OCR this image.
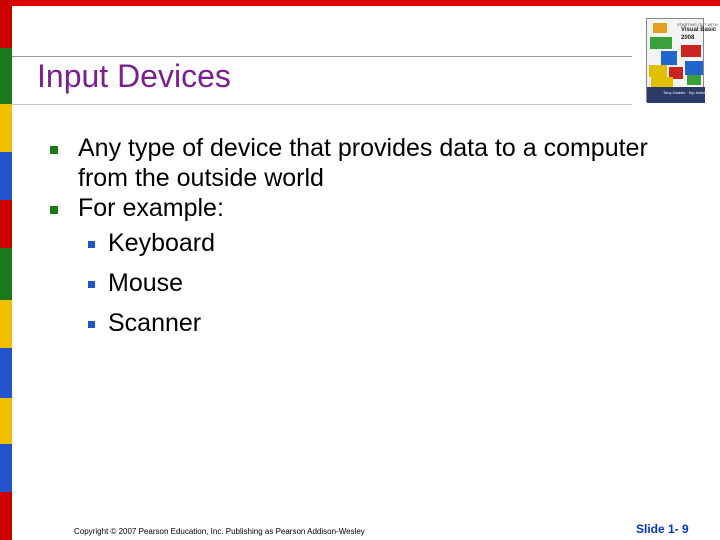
Input Devices
STARTING OUT WITH
Visual Basic
2008
Tony Gaddis · Kip Irvine
Any type of device that provides data to a computer from the outside world
For example:
Keyboard
Mouse
Scanner
Copyright © 2007 Pearson Education, Inc. Publishing as Pearson Addison-Wesley	Slide 1- 9
